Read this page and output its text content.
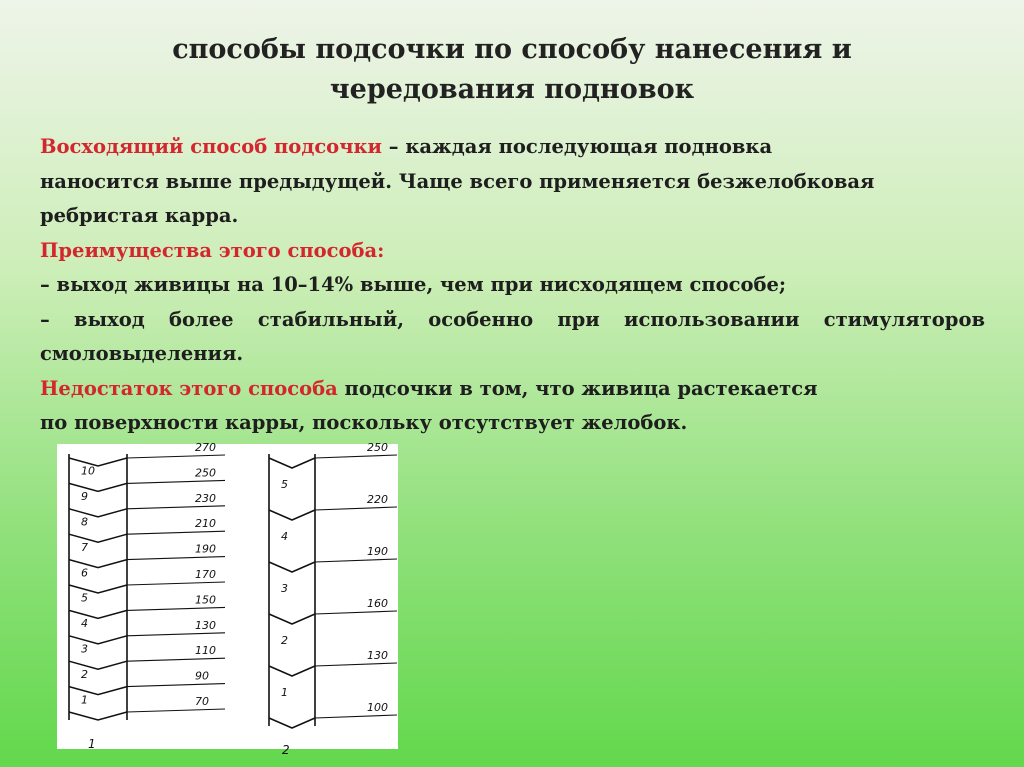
способы подсочки по способу нанесения и
чередования подновок
Восходящий способ подсочки – каждая последующая подновка
наносится выше предыдущей. Чаще всего применяется безжелобковая
ребристая карра.
Преимущества этого способа:
– выход живицы на 10–14% выше, чем при нисходящем способе;
– выход более стабильный, особенно при использовании стимуляторов
смоловыделения.
Недостаток этого способа подсочки в том, что живица растекается
по поверхности карры, поскольку отсутствует желобок.
70
90
110
130
150
170
190
210
230
250
270
1
2
3
4
5
6
7
8
9
10
1
100
130
160
190
220
250
1
2
3
4
5
2
